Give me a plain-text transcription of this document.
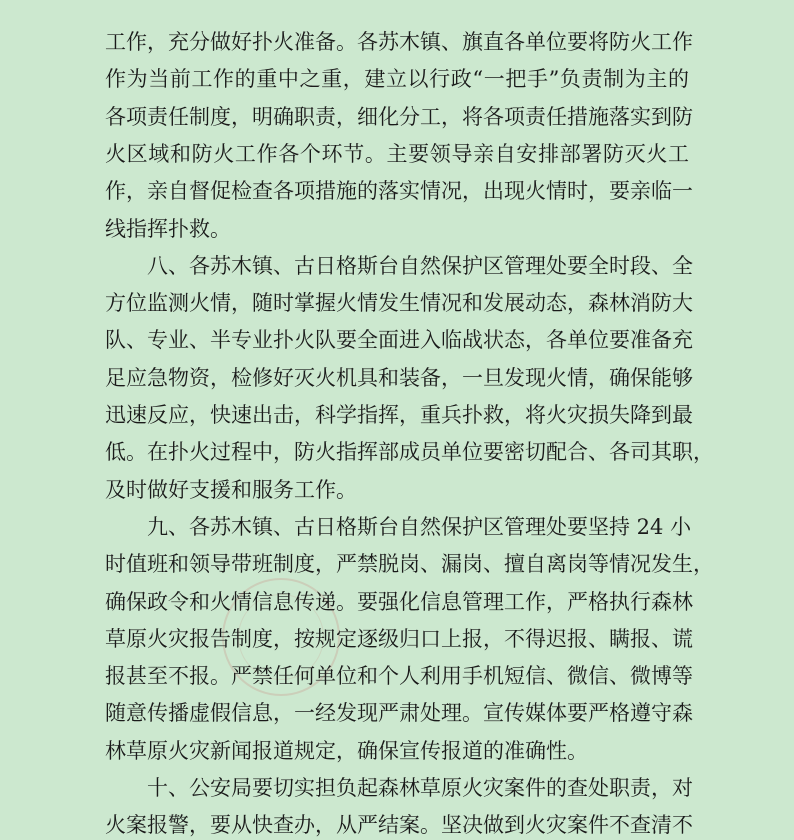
工作，充分做好扑火准备。各苏木镇、旗直各单位要将防火工作
作为当前工作的重中之重，建立以行政“一把手”负责制为主的
各项责任制度，明确职责，细化分工，将各项责任措施落实到防
火区域和防火工作各个环节。主要领导亲自安排部署防灭火工
作，亲自督促检查各项措施的落实情况，出现火情时，要亲临一
线指挥扑救。
八、各苏木镇、古日格斯台自然保护区管理处要全时段、全
方位监测火情，随时掌握火情发生情况和发展动态，森林消防大
队、专业、半专业扑火队要全面进入临战状态，各单位要准备充
足应急物资，检修好灭火机具和装备，一旦发现火情，确保能够
迅速反应，快速出击，科学指挥，重兵扑救，将火灾损失降到最
低。在扑火过程中，防火指挥部成员单位要密切配合、各司其职，
及时做好支援和服务工作。
九、各苏木镇、古日格斯台自然保护区管理处要坚持 24 小
时值班和领导带班制度，严禁脱岗、漏岗、擅自离岗等情况发生，
确保政令和火情信息传递。要强化信息管理工作，严格执行森林
草原火灾报告制度，按规定逐级归口上报，不得迟报、瞒报、谎
报甚至不报。严禁任何单位和个人利用手机短信、微信、微博等
随意传播虚假信息，一经发现严肃处理。宣传媒体要严格遵守森
林草原火灾新闻报道规定，确保宣传报道的准确性。
十、公安局要切实担负起森林草原火灾案件的查处职责，对
火案报警，要从快查办，从严结案。坚决做到火灾案件不查清不
